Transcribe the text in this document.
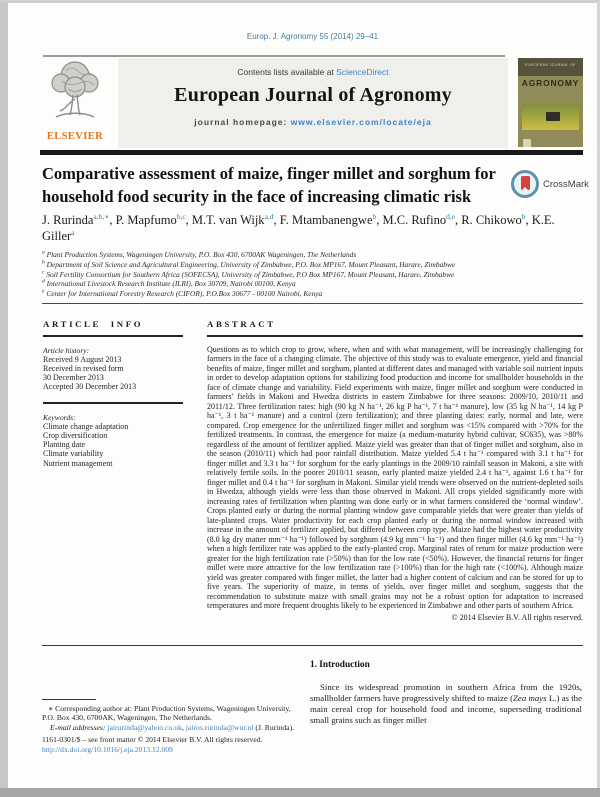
Europ. J. Agronomy 55 (2014) 29–41
ELSEVIER
Contents lists available at ScienceDirect
European Journal of Agronomy
journal homepage: www.elsevier.com/locate/eja
EUROPEAN JOURNAL OF
AGRONOMY
Comparative assessment of maize, finger millet and sorghum for household food security in the face of increasing climatic risk
CrossMark
J. Rurinda$^{a,b,∗}$, P. Mapfumo$^{b,c}$, M.T. van Wijk$^{a,d}$, F. Mtambanengwe$^b$, M.C. Rufino$^{d,e}$, R. Chikowo$^b$, K.E. Giller$^a$
$^a$ Plant Production Systems, Wageningen University, P.O. Box 430, 6700AK Wageningen, The Netherlands
$^b$ Department of Soil Science and Agricultural Engineering, University of Zimbabwe, P.O. Box MP167, Mount Pleasant, Harare, Zimbabwe
$^c$ Soil Fertility Consortium for Southern Africa (SOFECSA), University of Zimbabwe, P.O Box MP167, Mount Pleasant, Harare, Zimbabwe
$^d$ International Livestock Research Institute (ILRI), Box 30709, Nairobi 00100, Kenya
$^e$ Center for International Forestry Research (CIFOR), P.O.Box 30677 - 00100 Nairobi, Kenya
ARTICLE INFO
Article history:
Received 9 August 2013
Received in revised form
30 December 2013
Accepted 30 December 2013
Keywords:
Climate change adaptation
Crop diversification
Planting date
Climate variability
Nutrient management
ABSTRACT
Questions as to which crop to grow, where, when and with what management, will be increasingly challenging for farmers in the face of a changing climate. The objective of this study was to evaluate emergence, yield and financial benefits of maize, finger millet and sorghum, planted at different dates and managed with variable soil nutrient inputs in order to develop adaptation options for stabilizing food production and income for smallholder households in the face of climate change and variability. Field experiments with maize, finger millet and sorghum were conducted in farmers’ fields in Makoni and Hwedza districts in eastern Zimbabwe for three seasons: 2009/10, 2010/11 and 2011/12. Three fertilization rates: high (90 kg N ha⁻¹, 26 kg P ha⁻¹, 7 t ha⁻¹ manure), low (35 kg N ha⁻¹, 14 kg P ha⁻¹, 3 t ha⁻¹ manure) and a control (zero fertilization); and three planting dates: early, normal and late, were compared. Crop emergence for the unfertilized finger millet and sorghum was <15% compared with >70% for the fertilized treatments. In contrast, the emergence for maize (a medium-maturity hybrid cultivar, SC635), was >80% regardless of the amount of fertilizer applied. Maize yield was greater than that of finger millet and sorghum, also in the season (2010/11) which had poor rainfall distribution. Maize yielded 5.4 t ha⁻¹ compared with 3.1 t ha⁻¹ for finger millet and 3.3 t ha⁻¹ for sorghum for the early plantings in the 2009/10 rainfall season in Makoni, a site with relatively fertile soils. In the poorer 2010/11 season, early planted maize yielded 2.4 t ha⁻¹, against 1.6 t ha⁻¹ for finger millet and 0.4 t ha⁻¹ for sorghum in Makoni. Similar yield trends were observed on the nutrient-depleted soils in Hwedza, although yields were less than those observed in Makoni. All crops yielded significantly more with increasing rates of fertilization when planting was done early or in what farmers considered the ‘normal window’. Crops planted early or during the normal planting window gave comparable yields that were greater than yields of late-planted crops. Water productivity for each crop planted early or during the normal window increased with increase in the amount of fertilizer applied, but differed between crop type. Maize had the highest water productivity (8.0 kg dry matter mm⁻¹ ha⁻¹) followed by sorghum (4.9 kg mm⁻¹ ha⁻¹) and then finger millet (4.6 kg mm⁻¹ ha⁻¹) when a high fertilizer rate was applied to the early-planted crop. Marginal rates of return for maize production were greater for the high fertilization rate (>50%) than for the low rate (<50%). However, the financial returns for finger millet were more attractive for the low fertilization rate (>100%) than for the high rate (<100%). Although maize yield was greater compared with finger millet, the latter had a higher content of calcium and can be stored for up to five years. The superiority of maize, in terms of yields, over finger millet and sorghum, suggests that the recommendation to substitute maize with small grains may not be a robust option for adaptation to increased temperatures and more frequent droughts likely to be experienced in Zimbabwe and other parts of southern Africa.
© 2014 Elsevier B.V. All rights reserved.
1. Introduction
Since its widespread promotion in southern Africa from the 1920s, smallholder farmers have progressively shifted to maize (Zea mays L.) as the main cereal crop for household food and income, superseding traditional small grains such as finger millet
∗ Corresponding author at: Plant Production Systems, Wageningen University, P.O. Box 430, 6700AK, Wageningen, The Netherlands.
E-mail addresses: jairurinda@yahoo.co.uk, jairos.rurinda@wur.nl (J. Rurinda).
1161-0301/$ – see front matter © 2014 Elsevier B.V. All rights reserved.
http://dx.doi.org/10.1016/j.eja.2013.12.009
